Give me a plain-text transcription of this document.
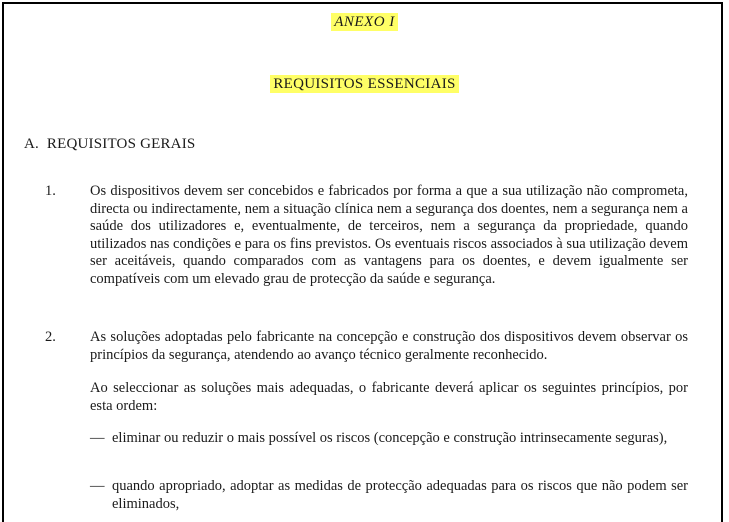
ANEXO I
REQUISITOS ESSENCIAIS
A.  REQUISITOS GERAIS
1. Os dispositivos devem ser concebidos e fabricados por forma a que a sua utilização não comprometa, directa ou indirectamente, nem a situação clínica nem a segurança dos doentes, nem a segurança nem a saúde dos utilizadores e, eventualmente, de terceiros, nem a segurança da propriedade, quando utilizados nas condições e para os fins previstos. Os eventuais riscos associados à sua utilização devem ser aceitáveis, quando comparados com as vantagens para os doentes, e devem igualmente ser compatíveis com um elevado grau de protecção da saúde e segurança.

2. As soluções adoptadas pelo fabricante na concepção e construção dos dispositivos devem observar os princípios da segurança, atendendo ao avanço técnico geralmente reconhecido.

Ao seleccionar as soluções mais adequadas, o fabricante deverá aplicar os seguintes princípios, por esta ordem:

— eliminar ou reduzir o mais possível os riscos (concepção e construção intrinsecamente seguras),
— quando apropriado, adoptar as medidas de protecção adequadas para os riscos que não podem ser eliminados,
